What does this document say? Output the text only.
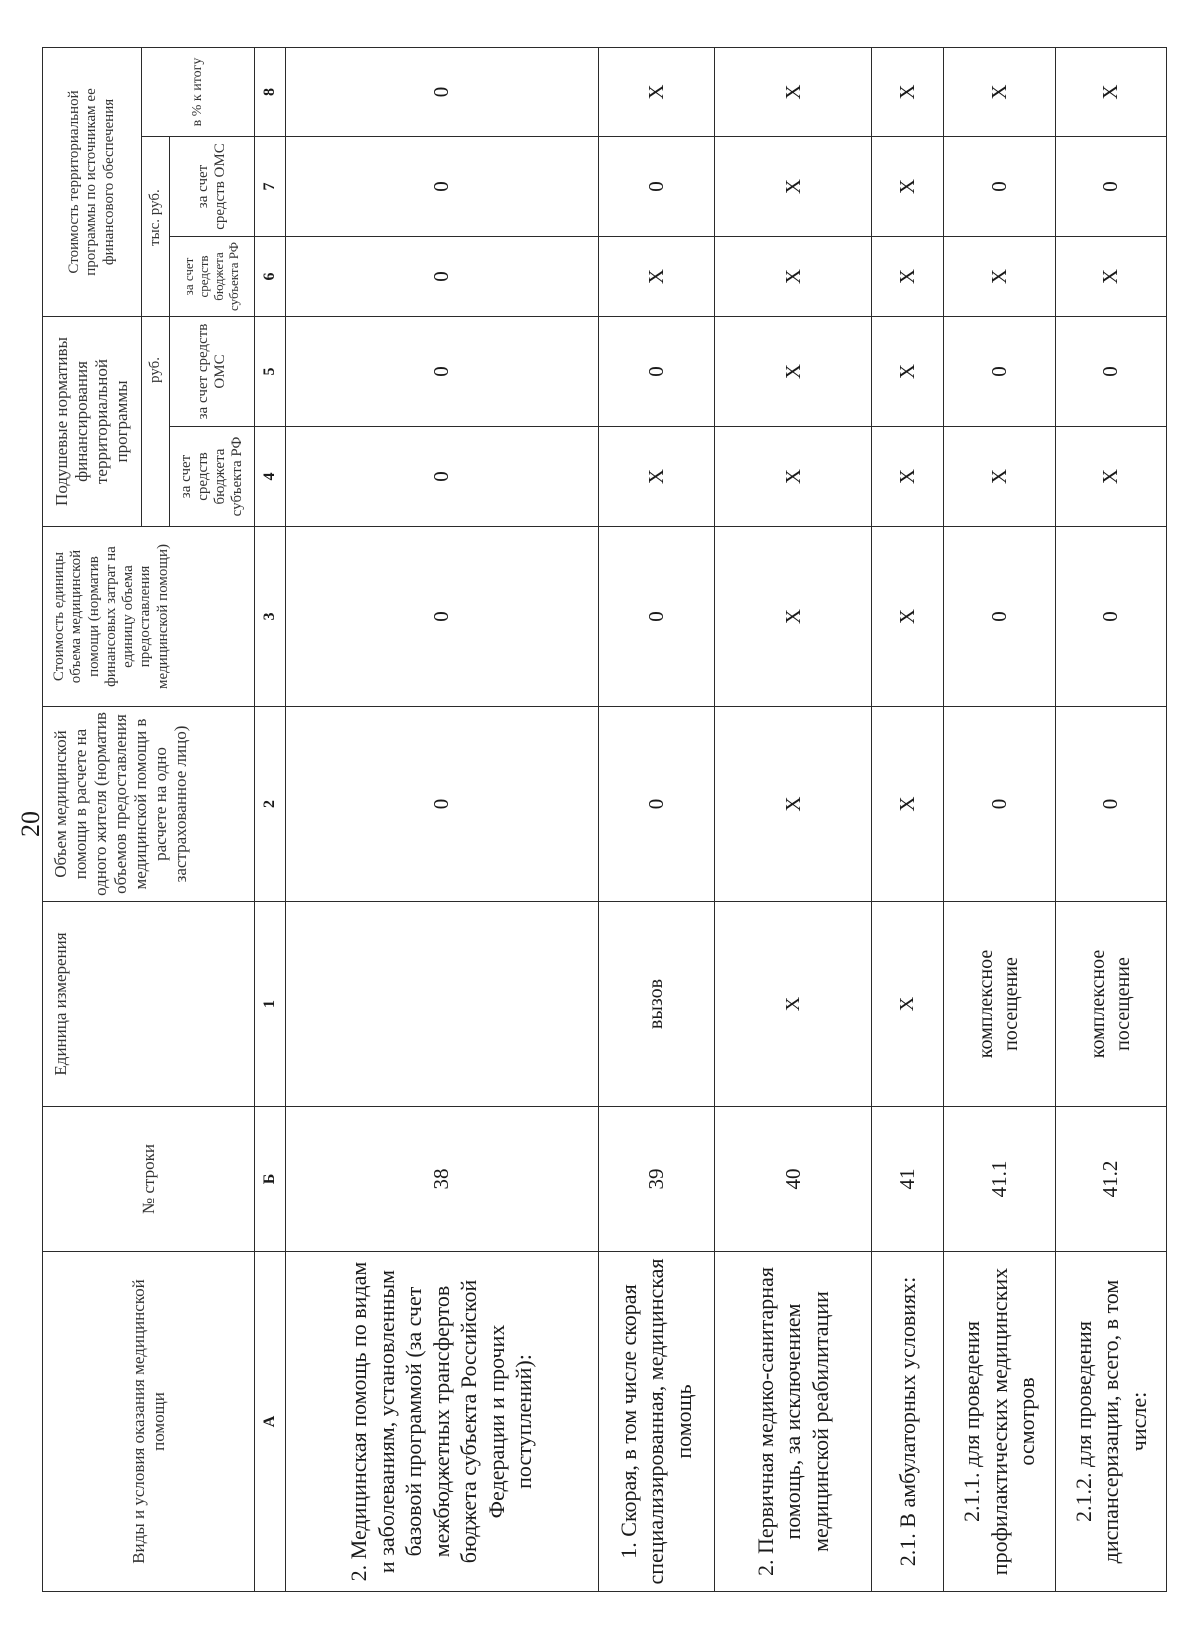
20
Виды и условия оказания медицинской помощи	№ строки	Единица измерения	Объем медицинской помощи в расчете на одного жителя (норматив объемов предоставления медицинской помощи в расчете на одно застрахованное лицо)	Стоимость единицы объема медицинской помощи (норматив финансовых затрат на единицу объема предоставления медицинской помощи)	Подушевые нормативы финансирования территориальной программы		Стоимость территориальной программы по источникам ее финансового обеспечения		
					руб.		тыс. руб.		в % к итогу
					за счет средств бюджета субъекта РФ	за счет средств ОМС	за счет средств бюджета субъекта РФ	за счет средств ОМС	
А	Б	1	2	3	4	5	6	7	8
2. Медицинская помощь по видам и заболеваниям, установленным базовой программой (за счет межбюджетных трансфертов бюджета субъекта Российской Федерации и прочих поступлений):	38		0	0	0	0	0	0	0
1. Скорая, в том числе скорая специализированная, медицинская помощь	39	вызов	0	0	X	0	X	0	X
2. Первичная медико-санитарная помощь, за исключением медицинской реабилитации	40	X	X	X	X	X	X	X	X
2.1. В амбулаторных условиях:	41	X	X	X	X	X	X	X	X
2.1.1. для проведения профилактических медицинских осмотров	41.1	комплексное посещение	0	0	X	0	X	0	X
2.1.2. для проведения диспансеризации, всего, в том числе:	41.2	комплексное посещение	0	0	X	0	X	0	X
